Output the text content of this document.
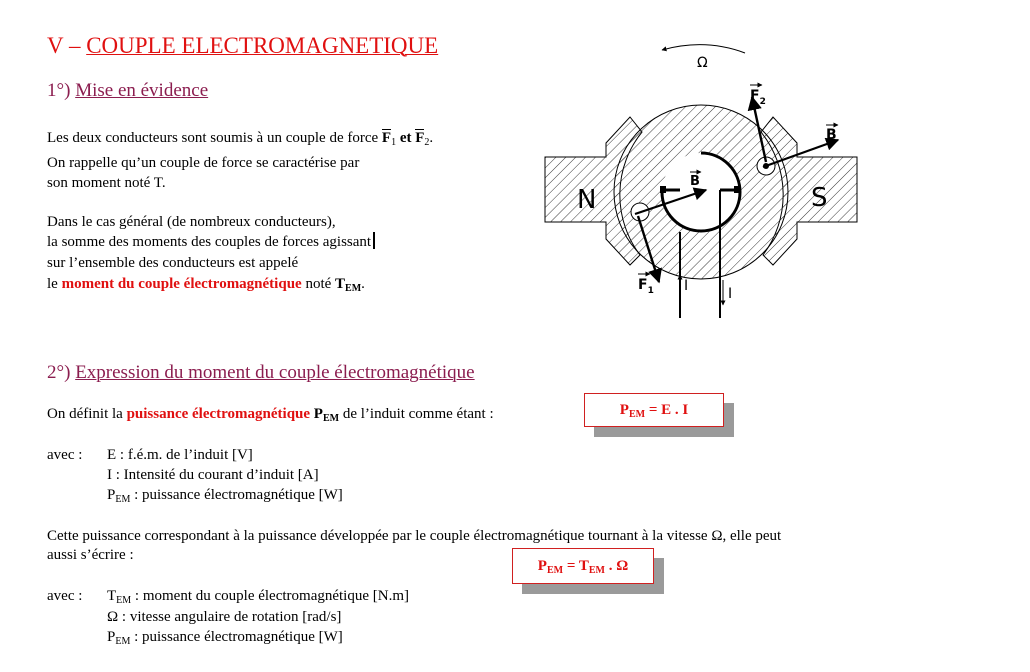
V – COUPLE ELECTROMAGNETIQUE
1°) Mise en évidence
Les deux conducteurs sont soumis à un couple de force $F_1$ et $F_2$.
On rappelle qu’un couple de force se caractérise par
son moment noté T.
Dans le cas général (de nombreux conducteurs),
la somme des moments des couples de forces agissant
sur l’ensemble des conducteurs est appelé
le moment du couple électromagnétique noté $T_{EM}$.
Ω
N	S
B
B
$F_2$
$F_1$ I	I
2°) Expression du moment du couple électromagnétique
On définit la puissance électromagnétique $P_{EM}$ de l’induit comme étant :	$P_{EM} = E$ . I
avec : E : f.é.m. de l’induit [V]
I : Intensité du courant d’induit [A]
$P_{EM}$ : puissance électromagnétique [W]
Cette puissance correspondant à la puissance développée par le couple électromagnétique tournant à la vitesse Ω, elle peut
aussi s’écrire :
$P_{EM} = T_{EM}$ . Ω
avec : $T_{EM}$ : moment du couple électromagnétique [N.m]
Ω : vitesse angulaire de rotation [rad/s]
$P_{EM}$ : puissance électromagnétique [W]
